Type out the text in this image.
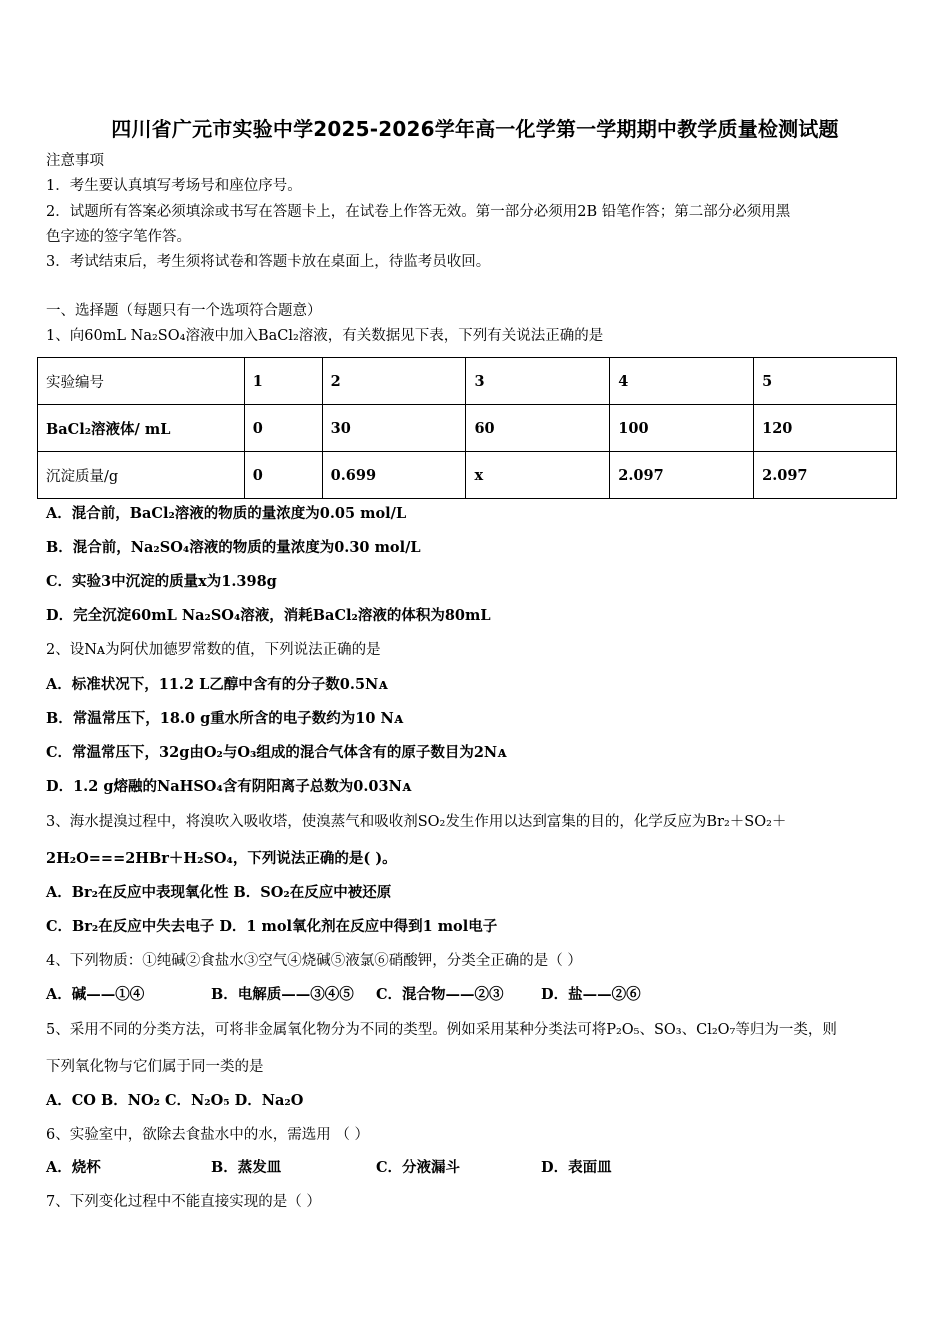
四川省广元市实验中学2025-2026学年高一化学第一学期期中教学质量检测试题
注意事项
1．考生要认真填写考场号和座位序号。
2．试题所有答案必须填涂或书写在答题卡上，在试卷上作答无效。第一部分必须用2B 铅笔作答；第二部分必须用黑
色字迹的签字笔作答。
3．考试结束后，考生须将试卷和答题卡放在桌面上，待监考员收回。
一、选择题（每题只有一个选项符合题意）
1、向60mL Na₂SO₄溶液中加入BaCl₂溶液，有关数据见下表，下列有关说法正确的是
实验编号	1	2	3	4	5
BaCl₂溶液体/ mL	0	30	60	100	120
沉淀质量/g	0	0.699	x	2.097	2.097
A．混合前，BaCl₂溶液的物质的量浓度为0.05 mol/L
B．混合前，Na₂SO₄溶液的物质的量浓度为0.30 mol/L
C．实验3中沉淀的质量x为1.398g
D．完全沉淀60mL Na₂SO₄溶液，消耗BaCl₂溶液的体积为80mL
2、设Nᴀ为阿伏加德罗常数的值，下列说法正确的是
A．标准状况下，11.2 L乙醇中含有的分子数0.5Nᴀ
B．常温常压下，18.0 g重水所含的电子数约为10 Nᴀ
C．常温常压下，32g由O₂与O₃组成的混合气体含有的原子数目为2Nᴀ
D．1.2 g熔融的NaHSO₄含有阴阳离子总数为0.03Nᴀ
3、海水提溴过程中，将溴吹入吸收塔，使溴蒸气和吸收剂SO₂发生作用以达到富集的目的，化学反应为Br₂＋SO₂＋
2H₂O===2HBr＋H₂SO₄，下列说法正确的是( )。
A．Br₂在反应中表现氧化性 B．SO₂在反应中被还原
C．Br₂在反应中失去电子 D．1 mol氧化剂在反应中得到1 mol电子
4、下列物质：①纯碱②食盐水③空气④烧碱⑤液氯⑥硝酸钾，分类全正确的是（ ）
A．碱——①④	B．电解质——③④⑤ C．混合物——②③	D．盐——②⑥
5、采用不同的分类方法，可将非金属氧化物分为不同的类型。例如采用某种分类法可将P₂O₅、SO₃、Cl₂O₇等归为一类，则
下列氧化物与它们属于同一类的是
A．CO B．NO₂ C．N₂O₅ D．Na₂O
6、实验室中，欲除去食盐水中的水，需选用 （ ）
A．烧杯	B．蒸发皿	C．分液漏斗	D．表面皿
7、下列变化过程中不能直接实现的是（ ）
